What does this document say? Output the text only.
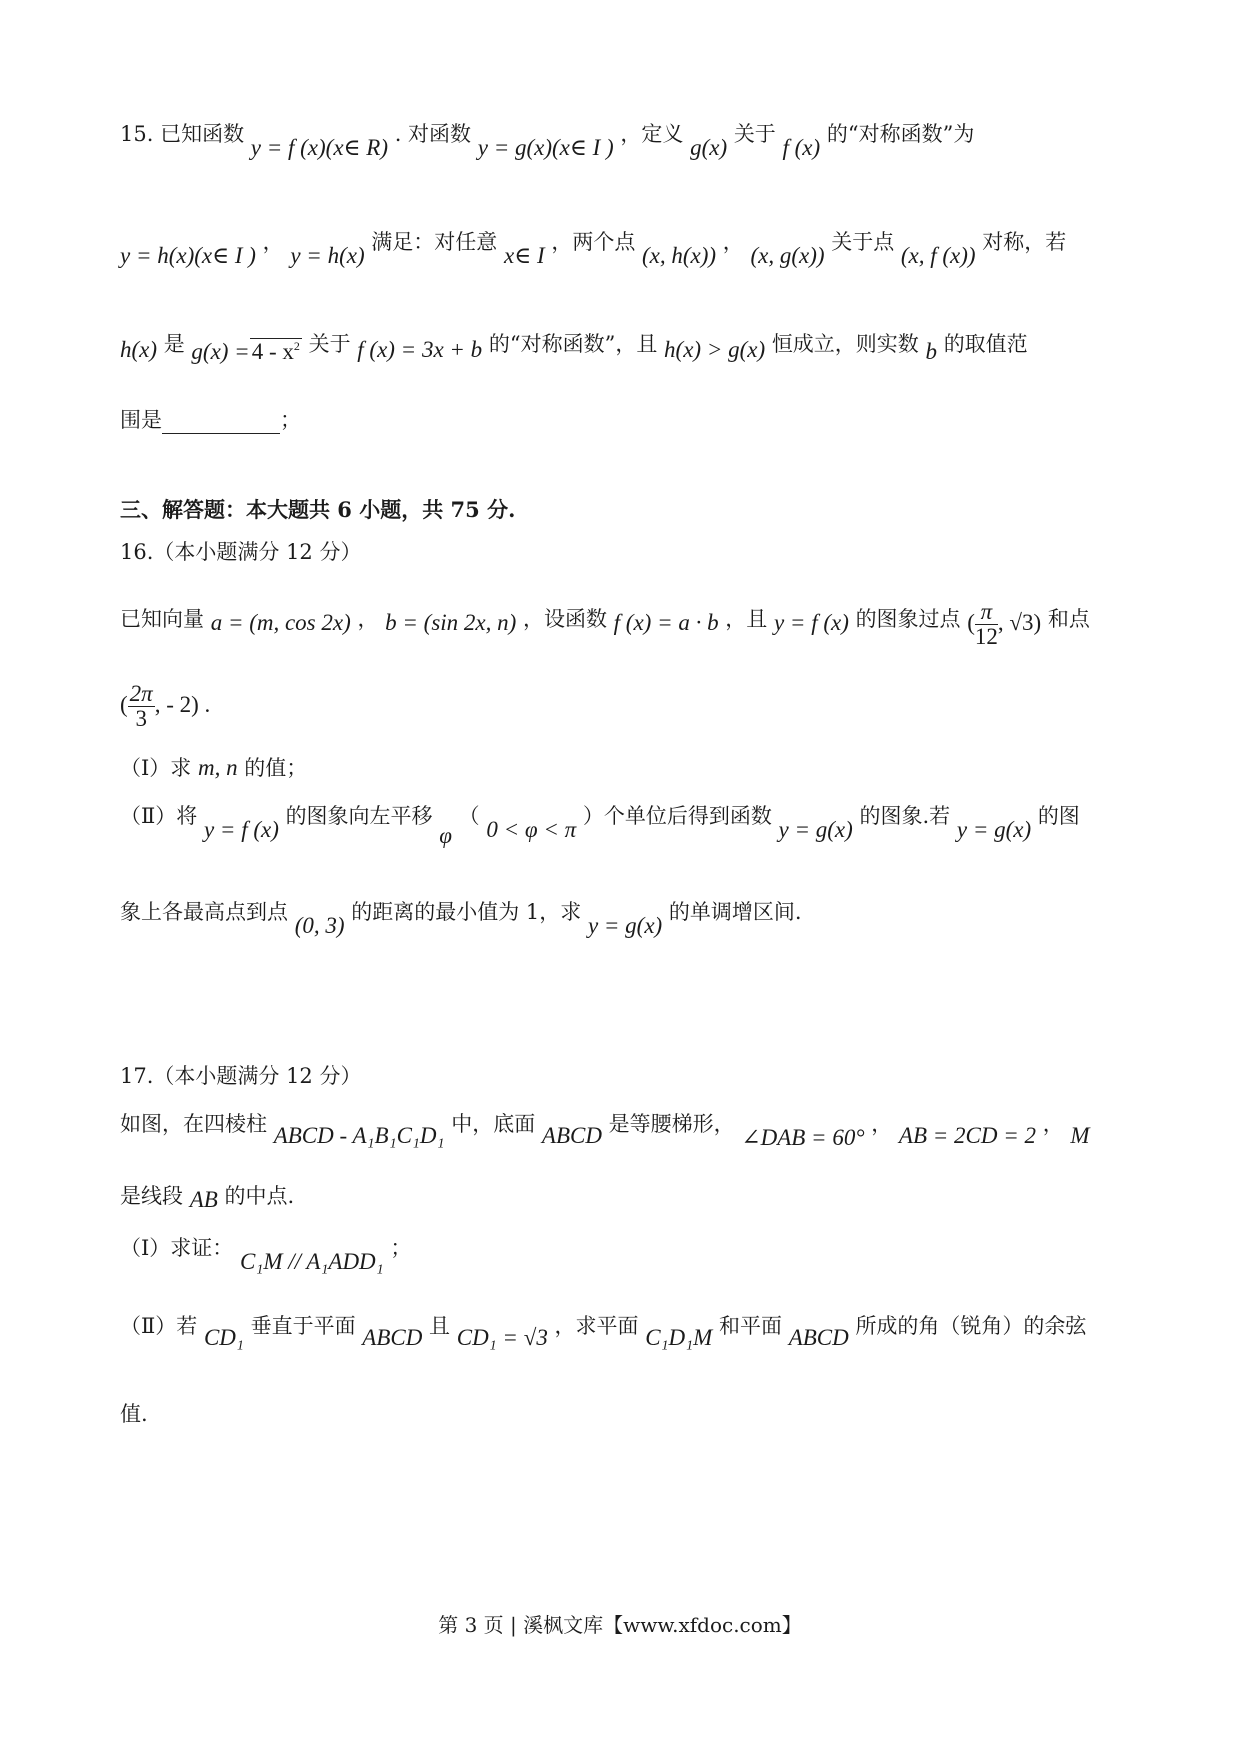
15. 已知函数 y = f (x)(x∈ R) . 对函数 y = g(x)(x∈ I ) ，定义 g(x) 关于 f (x) 的“对称函数”为
y = h(x)(x∈ I ) ， y = h(x) 满足：对任意 x∈ I ，两个点 (x, h(x)) ， (x, g(x)) 关于点 (x, f (x)) 对称，若
h(x) 是 $g(x) =4 - x^2$ 关于 f (x) = 3x + b 的“对称函数”，且 h(x) > g(x) 恒成立，则实数 b 的取值范
围是	；
三、解答题：本大题共 6 小题，共 75 分.
16.（本小题满分 12 分）
已知向量 a = (m, cos 2x) ， b = (sin 2x, n) ，设函数 f (x) = a · b ，且 y = f (x) 的图象过点 ( $\frac{\pi}{12}$ , √3) 和点
( $\frac{2\pi}{3}$ , - 2) .
（Ⅰ）求 m, n 的值；
（Ⅱ）将 y = f (x) 的图象向左平移 φ （ 0 < φ < π ）个单位后得到函数 y = g(x) 的图象.若 y = g(x) 的图
象上各最高点到点 (0, 3) 的距离的最小值为 1，求 y = g(x) 的单调增区间.
17.（本小题满分 12 分）
如图，在四棱柱 ABCD - A₁B₁C₁D₁ 中，底面 ABCD 是等腰梯形， ∠DAB = 60° ， AB = 2CD = 2 ， M
是线段 AB 的中点.
（Ⅰ）求证： C₁M // A₁ADD₁ ；
（Ⅱ）若 CD₁ 垂直于平面 ABCD 且 CD₁ = √3 ，求平面 C₁D₁M 和平面 ABCD 所成的角（锐角）的余弦
值.
第 3 页 | 溪枫文库【www.xfdoc.com】
